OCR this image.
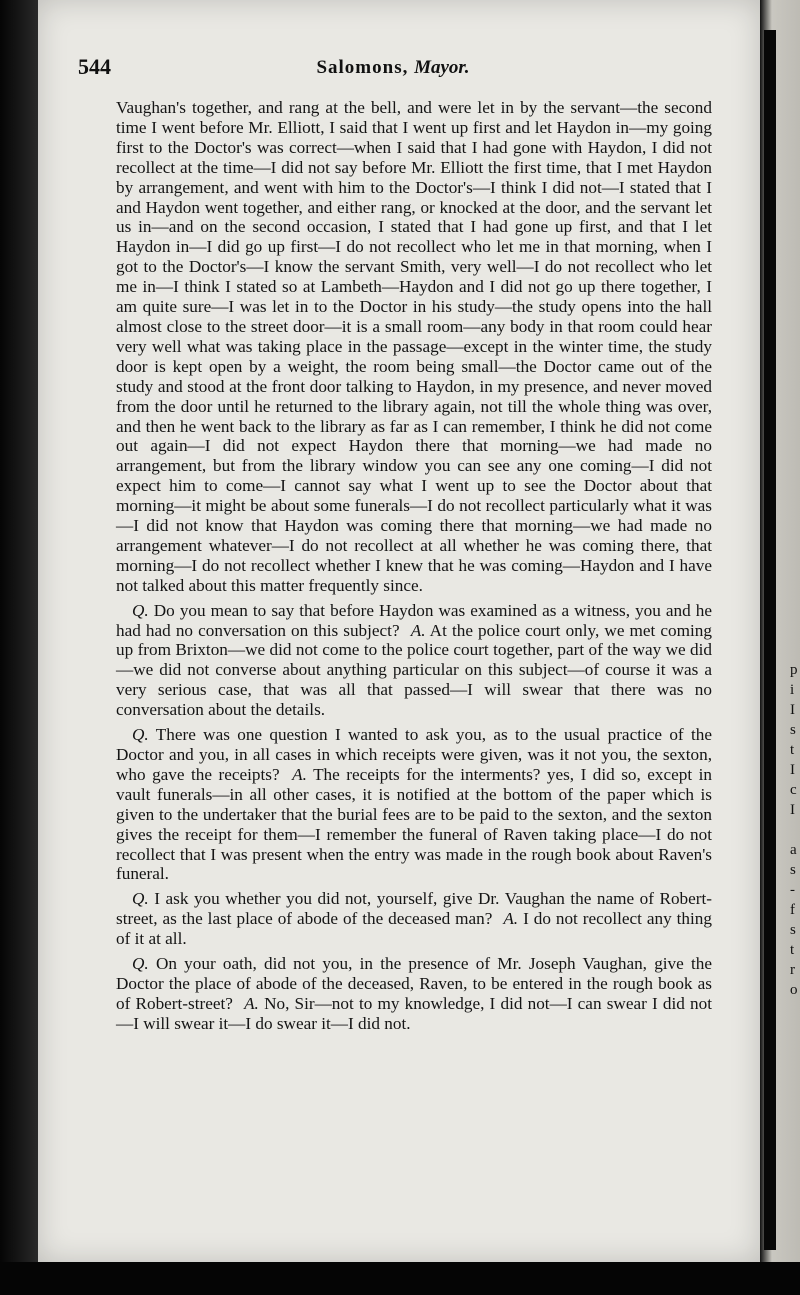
544	Salomons, Mayor.

Vaughan's together, and rang at the bell, and were let in by the servant—the second time I went before Mr. Elliott, I said that I went up first and let Haydon in—my going first to the Doctor's was correct—when I said that I had gone with Haydon, I did not recollect at the time—I did not say before Mr. Elliott the first time, that I met Haydon by arrangement, and went with him to the Doctor's—I think I did not—I stated that I and Haydon went together, and either rang, or knocked at the door, and the servant let us in—and on the second occasion, I stated that I had gone up first, and that I let Haydon in—I did go up first—I do not recollect who let me in that morning, when I got to the Doctor's—I know the servant Smith, very well—I do not recollect who let me in—I think I stated so at Lambeth—Haydon and I did not go up there together, I am quite sure—I was let in to the Doctor in his study—the study opens into the hall almost close to the street door—it is a small room—any body in that room could hear very well what was taking place in the passage—except in the winter time, the study door is kept open by a weight, the room being small—the Doctor came out of the study and stood at the front door talking to Haydon, in my presence, and never moved from the door until he returned to the library again, not till the whole thing was over, and then he went back to the library as far as I can remember, I think he did not come out again—I did not expect Haydon there that morning—we had made no arrangement, but from the library window you can see any one coming—I did not expect him to come—I cannot say what I went up to see the Doctor about that morning—it might be about some funerals—I do not recollect particularly what it was—I did not know that Haydon was coming there that morning—we had made no arrangement whatever—I do not recollect at all whether he was coming there, that morning—I do not recollect whether I knew that he was coming—Haydon and I have not talked about this matter frequently since.

Q. Do you mean to say that before Haydon was examined as a witness, you and he had had no conversation on this subject? A. At the police court only, we met coming up from Brixton—we did not come to the police court together, part of the way we did—we did not converse about anything particular on this subject—of course it was a very serious case, that was all that passed—I will swear that there was no conversation about the details.

Q. There was one question I wanted to ask you, as to the usual practice of the Doctor and you, in all cases in which receipts were given, was it not you, the sexton, who gave the receipts? A. The receipts for the interments? yes, I did so, except in vault funerals—in all other cases, it is notified at the bottom of the paper which is given to the undertaker that the burial fees are to be paid to the sexton, and the sexton gives the receipt for them—I remember the funeral of Raven taking place—I do not recollect that I was present when the entry was made in the rough book about Raven's funeral.

Q. I ask you whether you did not, yourself, give Dr. Vaughan the name of Robert-street, as the last place of abode of the deceased man? A. I do not recollect any thing of it at all.

Q. On your oath, did not you, in the presence of Mr. Joseph Vaughan, give the Doctor the place of abode of the deceased, Raven, to be entered in the rough book as of Robert-street? A. No, Sir—not to my knowledge, I did not—I can swear I did not—I will swear it—I do swear it—I did not.

p
i
I
s
t
I
c
I

a
s
-
f
s
t
r
o
